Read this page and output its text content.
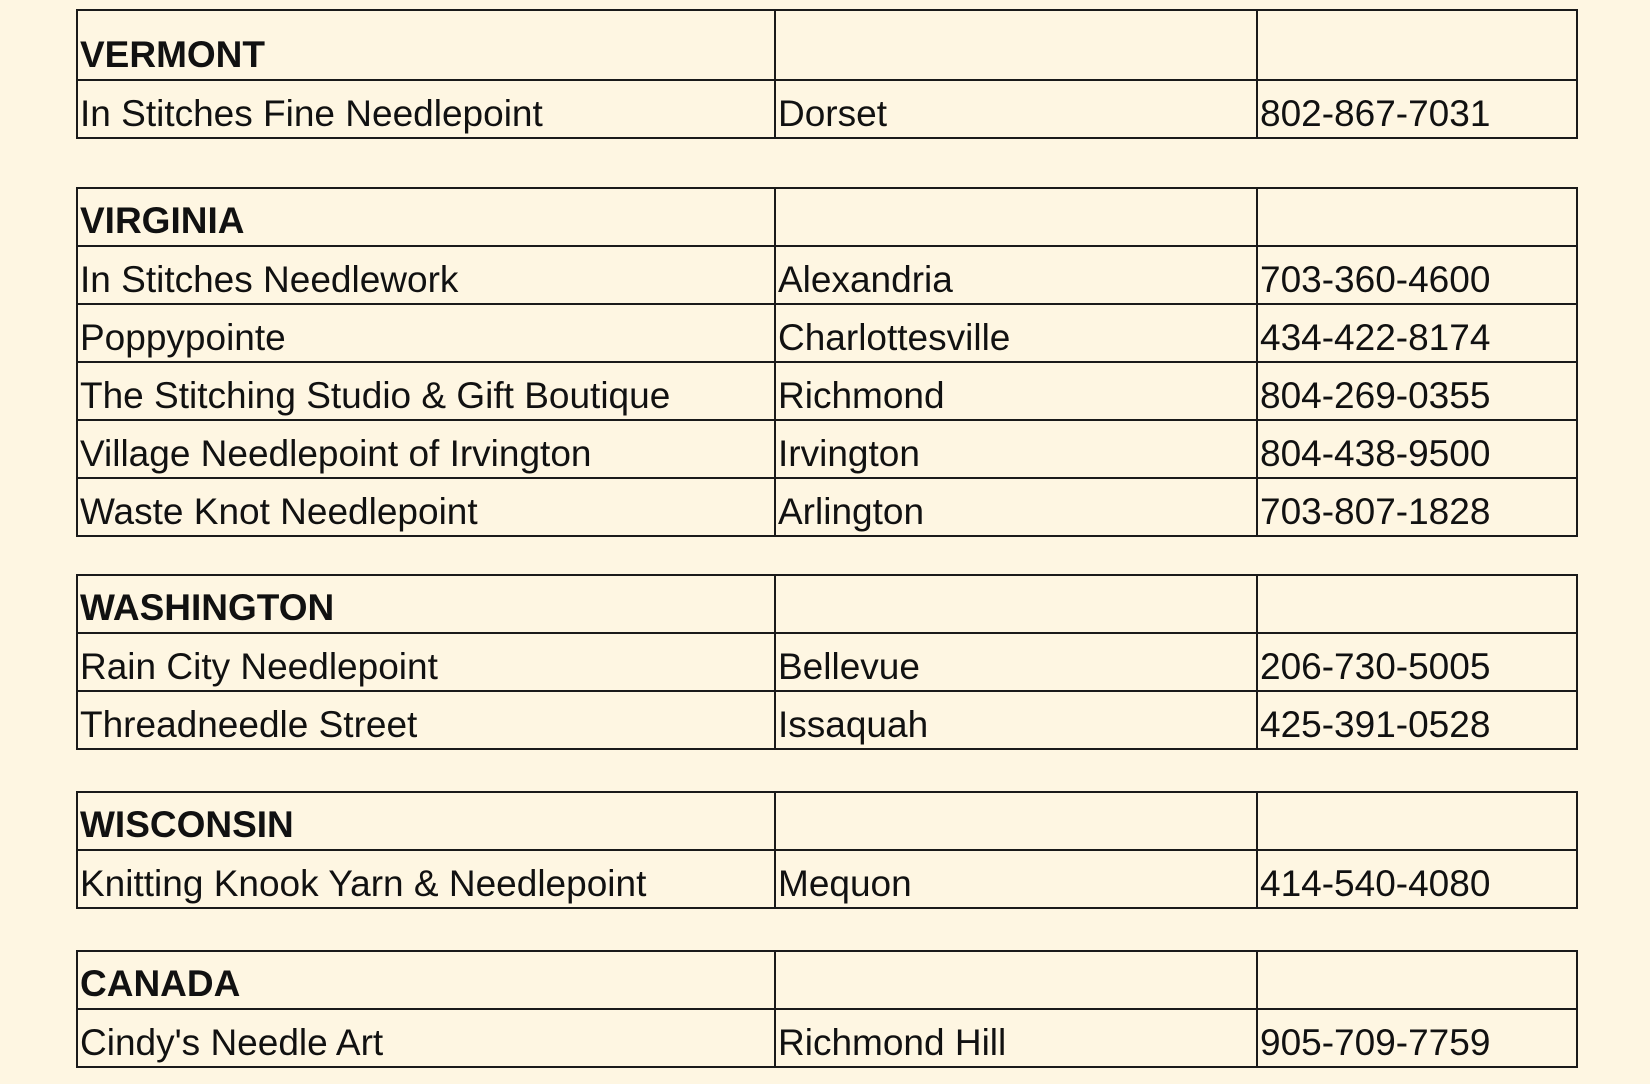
VERMONT		
In Stitches Fine Needlepoint	Dorset	802-867-7031
VIRGINIA		
In Stitches Needlework	Alexandria	703-360-4600
Poppypointe	Charlottesville	434-422-8174
The Stitching Studio & Gift Boutique	Richmond	804-269-0355
Village Needlepoint of Irvington	Irvington	804-438-9500
Waste Knot Needlepoint	Arlington	703-807-1828
WASHINGTON		
Rain City Needlepoint	Bellevue	206-730-5005
Threadneedle Street	Issaquah	425-391-0528
WISCONSIN		
Knitting Knook Yarn & Needlepoint	Mequon	414-540-4080
CANADA		
Cindy's Needle Art	Richmond Hill	905-709-7759
